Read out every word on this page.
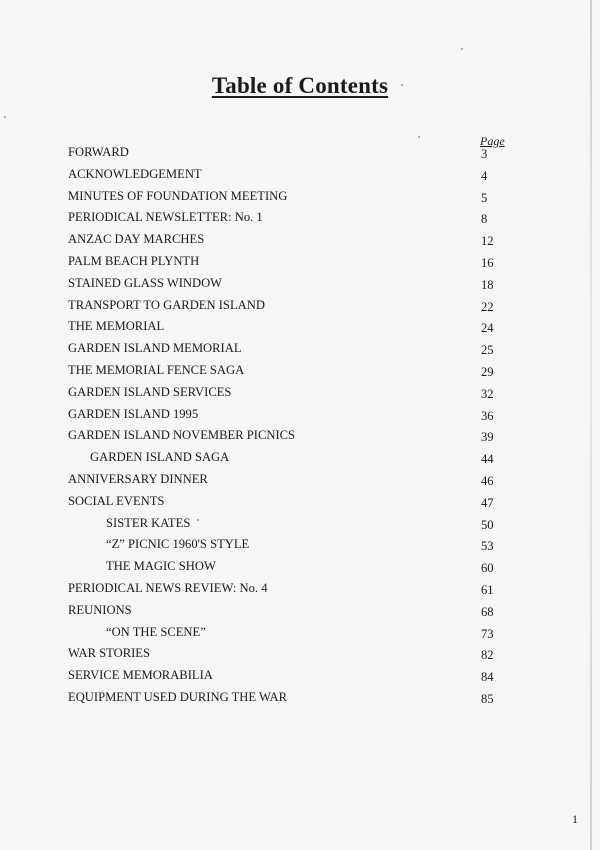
Table of Contents
Page
FORWARD	3
ACKNOWLEDGEMENT	4
MINUTES OF FOUNDATION MEETING	5
PERIODICAL NEWSLETTER: No. 1	8
ANZAC DAY MARCHES	12
PALM BEACH PLYNTH	16
STAINED GLASS WINDOW	18
TRANSPORT TO GARDEN ISLAND	22
THE MEMORIAL	24
GARDEN ISLAND MEMORIAL	25
THE MEMORIAL FENCE SAGA	29
GARDEN ISLAND SERVICES	32
GARDEN ISLAND 1995	36
GARDEN ISLAND NOVEMBER PICNICS	39
GARDEN ISLAND SAGA	44
ANNIVERSARY DINNER	46
SOCIAL EVENTS	47
SISTER KATES	50
“Z” PICNIC 1960'S STYLE	53
THE MAGIC SHOW	60
PERIODICAL NEWS REVIEW: No. 4	61
REUNIONS	68
“ON THE SCENE”	73
WAR STORIES	82
SERVICE MEMORABILIA	84
EQUIPMENT USED DURING THE WAR	85
1
